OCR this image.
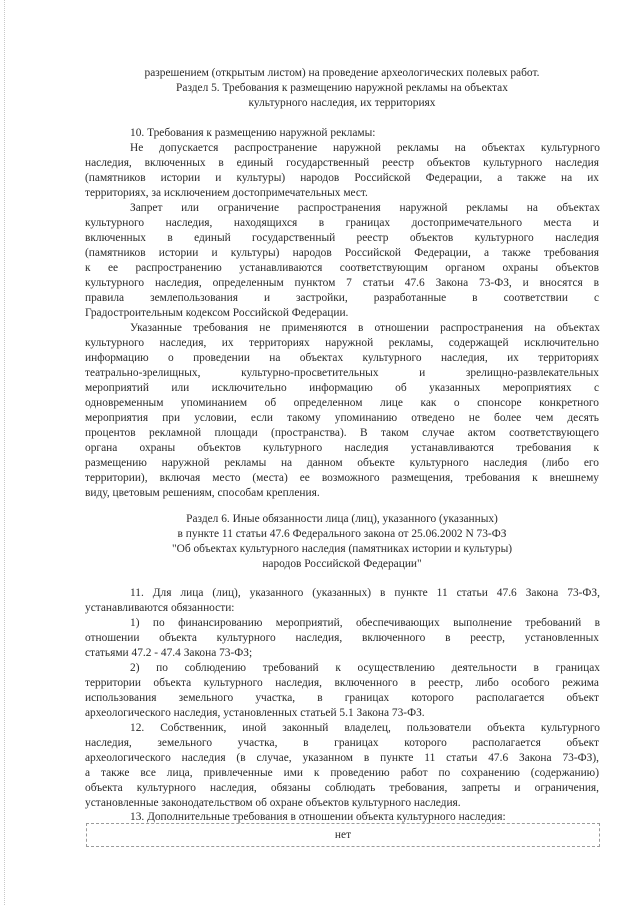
разрешением (открытым листом) на проведение археологических полевых работ.
Раздел 5. Требования к размещению наружной рекламы на объектах
культурного наследия, их территориях
10. Требования к размещению наружной рекламы:
Не допускается распространение наружной рекламы на объектах культурного
наследия, включенных в единый государственный реестр объектов культурного наследия
(памятников истории и культуры) народов Российской Федерации, а также на их
территориях, за исключением достопримечательных мест.
Запрет или ограничение распространения наружной рекламы на объектах
культурного наследия, находящихся в границах достопримечательного места и
включенных в единый государственный реестр объектов культурного наследия
(памятников истории и культуры) народов Российской Федерации, а также требования
к ее распространению устанавливаются соответствующим органом охраны объектов
культурного наследия, определенным пунктом 7 статьи 47.6 Закона 73-ФЗ, и вносятся в
правила землепользования и застройки, разработанные в соответствии с
Градостроительным кодексом Российской Федерации.
Указанные требования не применяются в отношении распространения на объектах
культурного наследия, их территориях наружной рекламы, содержащей исключительно
информацию о проведении на объектах культурного наследия, их территориях
театрально-зрелищных, культурно-просветительных и зрелищно-развлекательных
мероприятий или исключительно информацию об указанных мероприятиях с
одновременным упоминанием об определенном лице как о спонсоре конкретного
мероприятия при условии, если такому упоминанию отведено не более чем десять
процентов рекламной площади (пространства). В таком случае актом соответствующего
органа охраны объектов культурного наследия устанавливаются требования к
размещению наружной рекламы на данном объекте культурного наследия (либо его
территории), включая место (места) ее возможного размещения, требования к внешнему
виду, цветовым решениям, способам крепления.
Раздел 6. Иные обязанности лица (лиц), указанного (указанных)
в пункте 11 статьи 47.6 Федерального закона от 25.06.2002 N 73-ФЗ
"Об объектах культурного наследия (памятниках истории и культуры)
народов Российской Федерации"
11. Для лица (лиц), указанного (указанных) в пункте 11 статьи 47.6 Закона 73-ФЗ,
устанавливаются обязанности:
1) по финансированию мероприятий, обеспечивающих выполнение требований в
отношении объекта культурного наследия, включенного в реестр, установленных
статьями 47.2 - 47.4 Закона 73-ФЗ;
2) по соблюдению требований к осуществлению деятельности в границах
территории объекта культурного наследия, включенного в реестр, либо особого режима
использования земельного участка, в границах которого располагается объект
археологического наследия, установленных статьей 5.1 Закона 73-ФЗ.
12. Собственник, иной законный владелец, пользователи объекта культурного
наследия, земельного участка, в границах которого располагается объект
археологического наследия (в случае, указанном в пункте 11 статьи 47.6 Закона 73-ФЗ),
а также все лица, привлеченные ими к проведению работ по сохранению (содержанию)
объекта культурного наследия, обязаны соблюдать требования, запреты и ограничения,
установленные законодательством об охране объектов культурного наследия.
13. Дополнительные требования в отношении объекта культурного наследия:
нет
